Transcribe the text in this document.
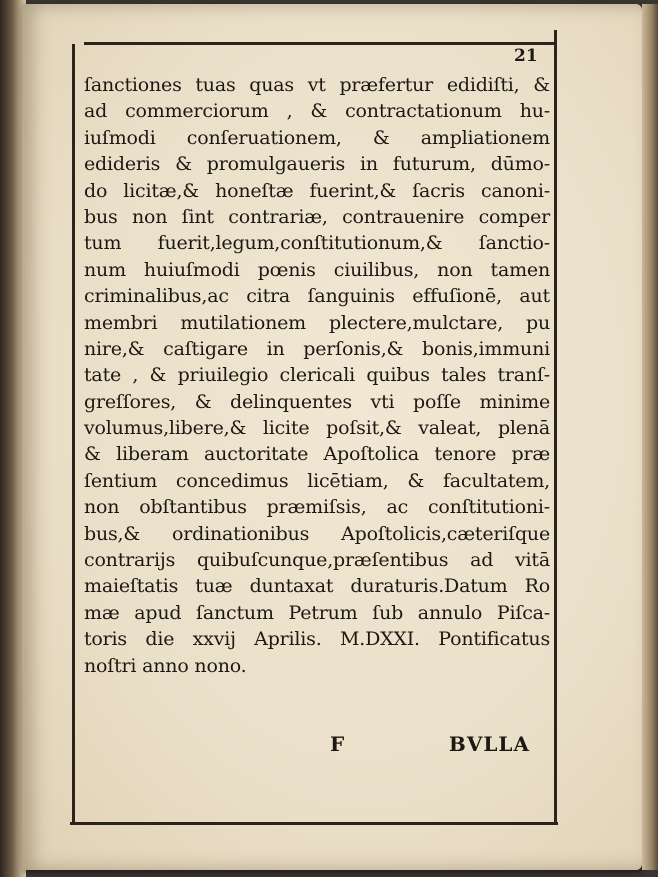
21
ſanctiones tuas quas vt præfertur edidiſti, &
ad commerciorum , & contractationum hu-
iuſmodi conſeruationem, & ampliationem
edideris & promulgaueris in futurum, dūmo-
do licitæ,& honeſtæ fuerint,& ſacris canoni-
bus non ſint contrariæ, contrauenire comper
tum fuerit,legum,conſtitutionum,& ſanctio-
num huiuſmodi pœnis ciuilibus, non tamen
criminalibus,ac citra ſanguinis effuſionē, aut
membri mutilationem plectere,mulctare, pu
nire,& caſtigare in perſonis,& bonis,immuni
tate , & priuilegio clericali quibus tales tranſ-
greſſores, & delinquentes vti poſſe minime
volumus,libere,& licite poſsit,& valeat, plenā
& liberam auctoritate Apoſtolica tenore præ
ſentium concedimus licētiam, & facultatem,
non obſtantibus præmiſsis, ac conſtitutioni-
bus,& ordinationibus Apoſtolicis,cæteriſque
contrarijs quibuſcunque,præſentibus ad vitā
maieſtatis tuæ duntaxat duraturis.Datum Ro
mæ apud ſanctum Petrum ſub annulo Piſca-
toris die xxvij Aprilis. M.DXXI. Pontificatus
noſtri anno nono.
F	BVLLA
